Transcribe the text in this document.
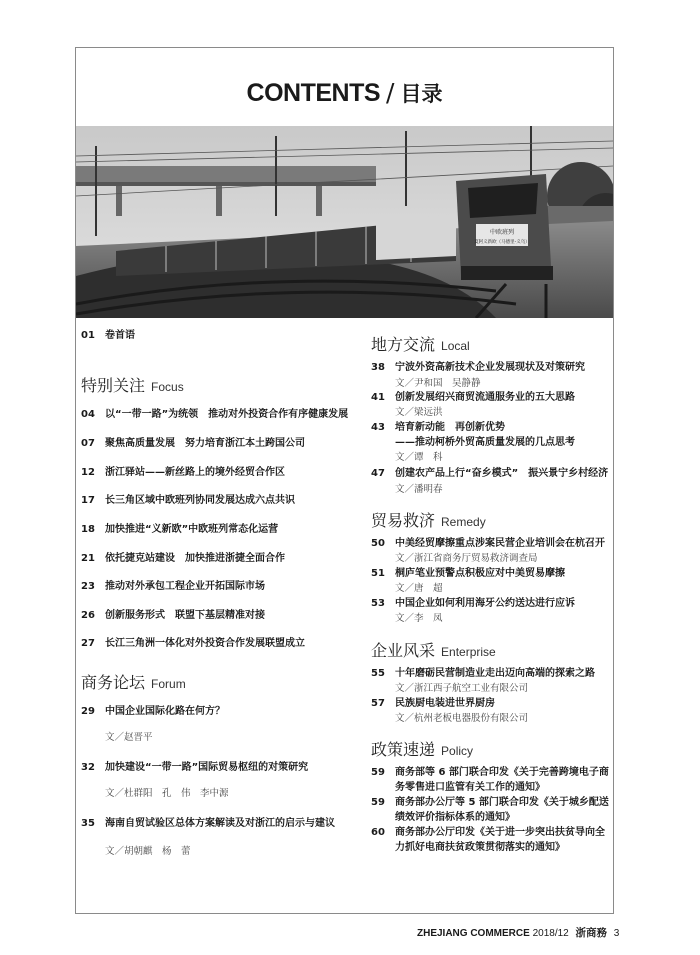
CONTENTS / 目录
中欧班列
夏阿义新欧（马德里-义乌）
01 卷首语
特别关注 Focus
04 以“一带一路”为统领　推动对外投资合作有序健康发展
07 聚焦高质量发展　努力培育浙江本土跨国公司
12 浙江驿站——新丝路上的境外经贸合作区
17 长三角区域中欧班列协同发展达成六点共识
18 加快推进“义新欧”中欧班列常态化运营
21 依托捷克站建设　加快推进浙捷全面合作
23 推动对外承包工程企业开拓国际市场
26 创新服务形式　联盟下基层精准对接
27 长江三角洲一体化对外投资合作发展联盟成立
商务论坛 Forum
29 中国企业国际化路在何方？
文／赵晋平
32 加快建设“一带一路”国际贸易枢纽的对策研究
文／杜群阳　孔　伟　李中源
35 海南自贸试验区总体方案解读及对浙江的启示与建议
文／胡朝麒　杨　蕾
地方交流 Local
38 宁波外资高新技术企业发展现状及对策研究
文／尹和国　吴静静
41 创新发展绍兴商贸流通服务业的五大思路
文／梁远洪
43 培育新动能　再创新优势
——推动柯桥外贸高质量发展的几点思考
文／谭　科
47 创建农产品上行“奋乡模式”　振兴景宁乡村经济
文／潘明春
贸易救济 Remedy
50 中美经贸摩擦重点涉案民营企业培训会在杭召开
文／浙江省商务厅贸易救济调查局
51 桐庐笔业预警点积极应对中美贸易摩擦
文／唐　超
53 中国企业如何利用海牙公约送达进行应诉
文／李　凤
企业风采 Enterprise
55 十年磨砺民营制造业走出迈向高端的探索之路
文／浙江西子航空工业有限公司
57 民族厨电装进世界厨房
文／杭州老板电器股份有限公司
政策速递 Policy
59 商务部等 6 部门联合印发《关于完善跨境电子商
务零售进口监管有关工作的通知》
59 商务部办公厅等 5 部门联合印发《关于城乡配送
绩效评价指标体系的通知》
60 商务部办公厅印发《关于进一步突出扶贫导向全
力抓好电商扶贫政策贯彻落实的通知》
ZHEJIANG COMMERCE 2018/12 浙商務 3
